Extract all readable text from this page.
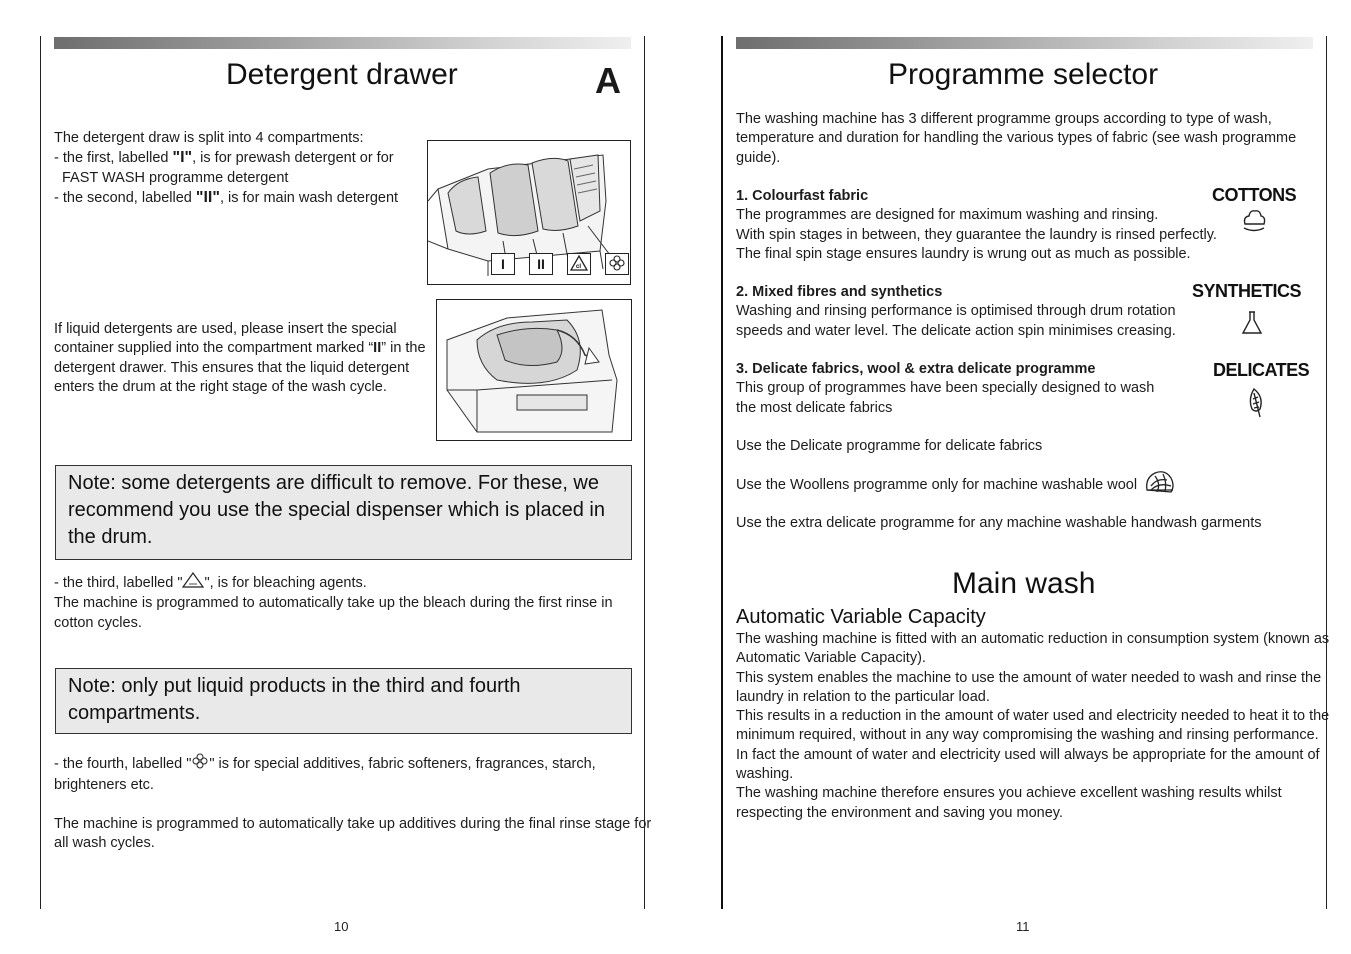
Detergent drawer	A

The detergent draw is split into 4 compartments:

- the first, labelled "I", is for prewash detergent or for

FAST WASH programme detergent

- the second, labelled "II", is for main wash detergent

I	II	cl

If liquid detergents are used, please insert the special

container supplied into the compartment marked “II” in the

detergent drawer. This ensures that the liquid detergent

enters the drum at the right stage of the wash cycle.

Note: some detergents are difficult to remove. For these, we recommend you use the special dispenser which is placed in the drum.

- the third, labelled " ", is for bleaching agents.

The machine is programmed to automatically take up the bleach during the first rinse in

cotton cycles.

Note: only put liquid products in the third and fourth compartments.

- the fourth, labelled " " is for special additives, fabric softeners, fragrances, starch,

brighteners etc.

The machine is programmed to automatically take up additives during the final rinse stage for

all wash cycles.

10
Programme selector

The washing machine has 3 different programme groups according to type of wash,

temperature and duration for handling the various types of fabric (see wash programme

guide).

1. Colourfast fabric

The programmes are designed for maximum washing and rinsing.

With spin stages in between, they guarantee the laundry is rinsed perfectly.

The final spin stage ensures laundry is wrung out as much as possible.

COTTONS

2. Mixed fibres and synthetics

Washing and rinsing performance is optimised through drum rotation

speeds and water level. The delicate action spin minimises creasing.

SYNTHETICS

3. Delicate fabrics, wool & extra delicate programme

This group of programmes have been specially designed to wash

the most delicate fabrics

DELICATES
Use the Delicate programme for delicate fabrics
Use the Woollens programme only for machine washable wool
Use the extra delicate programme for any machine washable handwash garments
Main wash
Automatic Variable Capacity

The washing machine is fitted with an automatic reduction in consumption system (known as

Automatic Variable Capacity).

This system enables the machine to use the amount of water needed to wash and rinse the

laundry in relation to the particular load.

This results in a reduction in the amount of water used and electricity needed to heat it to the

minimum required, without in any way compromising the washing and rinsing performance.

In fact the amount of water and electricity used will always be appropriate for the amount of

washing.

The washing machine therefore ensures you achieve excellent washing results whilst

respecting the environment and saving you money.

11
